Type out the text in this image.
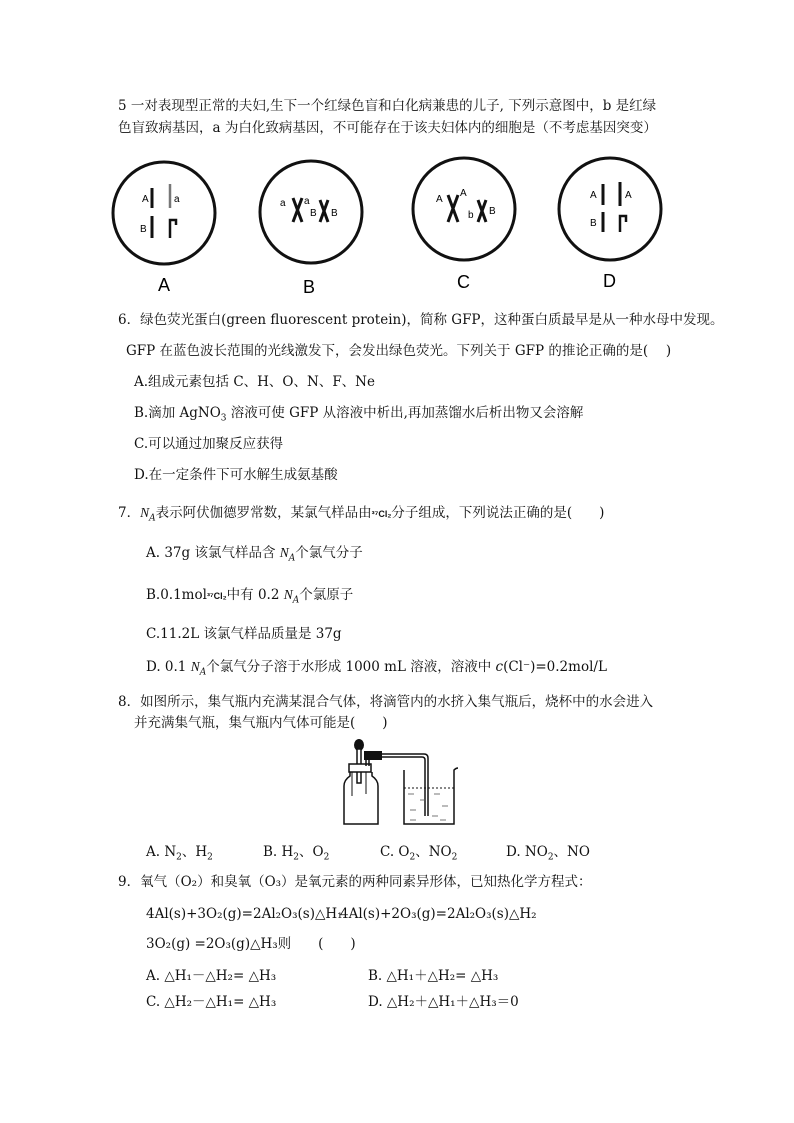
5 一对表现型正常的夫妇,生下一个红绿色盲和白化病兼患的儿子, 下列示意图中，b 是红绿
色盲致病基因，a 为白化致病基因，不可能存在于该夫妇体内的细胞是（不考虑基因突变）
A	a
B
A
a a
B B
B
A
A
b B
C
A	A
B
D
6．绿色荧光蛋白(green fluorescent protein)，简称 GFP，这种蛋白质最早是从一种水母中发现。
GFP 在蓝色波长范围的光线激发下，会发出绿色荧光。下列关于 GFP 的推论正确的是(　 )
A.组成元素包括 C、H、O、N、F、Ne
B.滴加 AgNO$_3$ 溶液可使 GFP 从溶液中析出,再加蒸馏水后析出物又会溶解
C.可以通过加聚反应获得
D.在一定条件下可水解生成氨基酸
7．$N_A$表示阿伏伽德罗常数，某氯气样品由³⁷Cl₂分子组成，下列说法正确的是(　　)
A. 37g 该氯气样品含 $N_A$个氯气分子
B.0.1mol³⁷Cl₂中有 0.2 $N_A$个氯原子
C.11.2L 该氯气样品质量是 37g
D. 0.1 $N_A$个氯气分子溶于水形成 1000 mL 溶液，溶液中 c(Cl⁻)=0.2mol/L
8．如图所示，集气瓶内充满某混合气体，将滴管内的水挤入集气瓶后，烧杯中的水会进入
并充满集气瓶，集气瓶内气体可能是(　　)
A. $N_2$、$H_2$	B. $H_2$、$O_2$	C. $O_2$、$NO_2$	D. $NO_2$、NO
9．氧气（O₂）和臭氧（O₃）是氧元素的两种同素异形体，已知热化学方程式：
4Al(s)+3O₂(g)=2Al₂O₃(s)△H₁
4Al(s)+2O₃(g)=2Al₂O₃(s)△H₂
3O₂(g) =2O₃(g)△H₃则　　(　　)
A. △H₁－△H₂= △H₃	B. △H₁＋△H₂= △H₃
C. △H₂－△H₁= △H₃	D. △H₂＋△H₁＋△H₃＝0
